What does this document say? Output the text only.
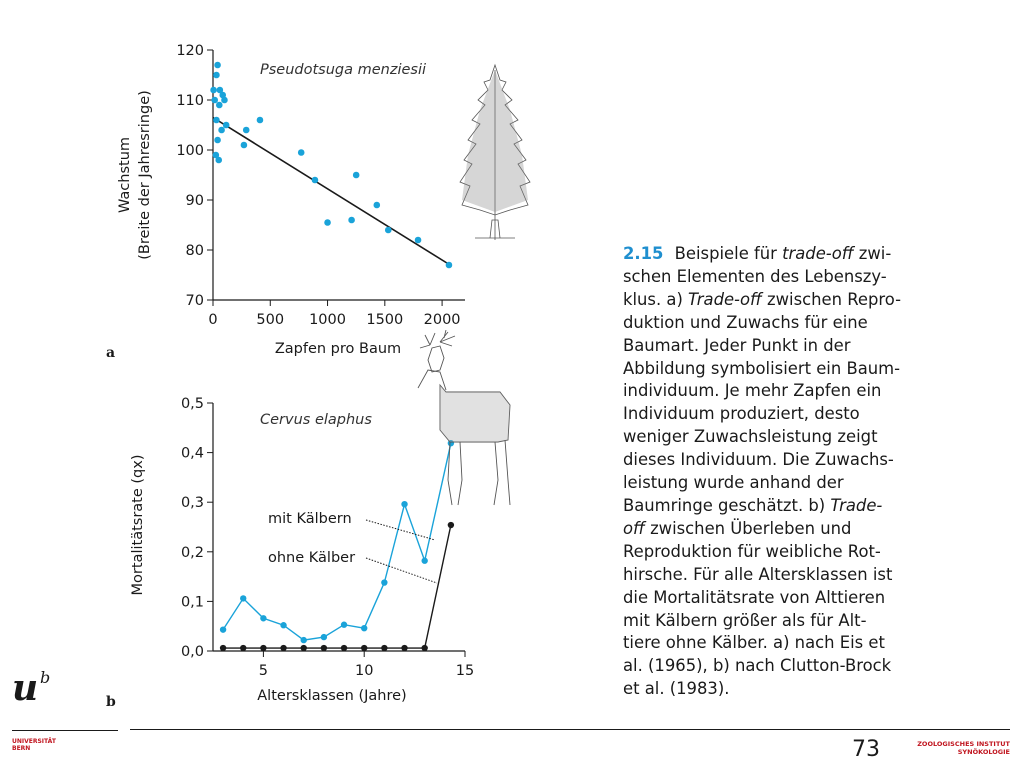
Pseudotsuga menziesii
70
80
90
100
110
120
0	500 1000 1500 2000
Zapfen pro Baum
Wachstum (Breite der Jahresringe)
a
Cervus elaphus
0,0
0,1
0,2
0,3
0,4
0,5
5	10	15
mit Kälbern
ohne Kälber
Altersklassen (Jahre)
Mortalitätsrate (qx)
b
2.15 Beispiele für trade-off zwi-
schen Elementen des Lebenszy-
klus. a) Trade-off zwischen Repro-
duktion und Zuwachs für eine
Baumart. Jeder Punkt in der
Abbildung symbolisiert ein Baum-
individuum. Je mehr Zapfen ein
Individuum produziert, desto
weniger Zuwachsleistung zeigt
dieses Individuum. Die Zuwachs-
leistung wurde anhand der
Baumringe geschätzt. b) Trade-
off zwischen Überleben und
Reproduktion für weibliche Rot-
hirsche. Für alle Altersklassen ist
die Mortalitätsrate von Alttieren
mit Kälbern größer als für Alt-
tiere ohne Kälber. a) nach Eis et
al. (1965), b) nach Clutton-Brock
et al. (1983).
u b
UNIVERSITÄT
BERN	73	ZOOLOGISCHES INSTITUT
SYNÖKOLOGIE
